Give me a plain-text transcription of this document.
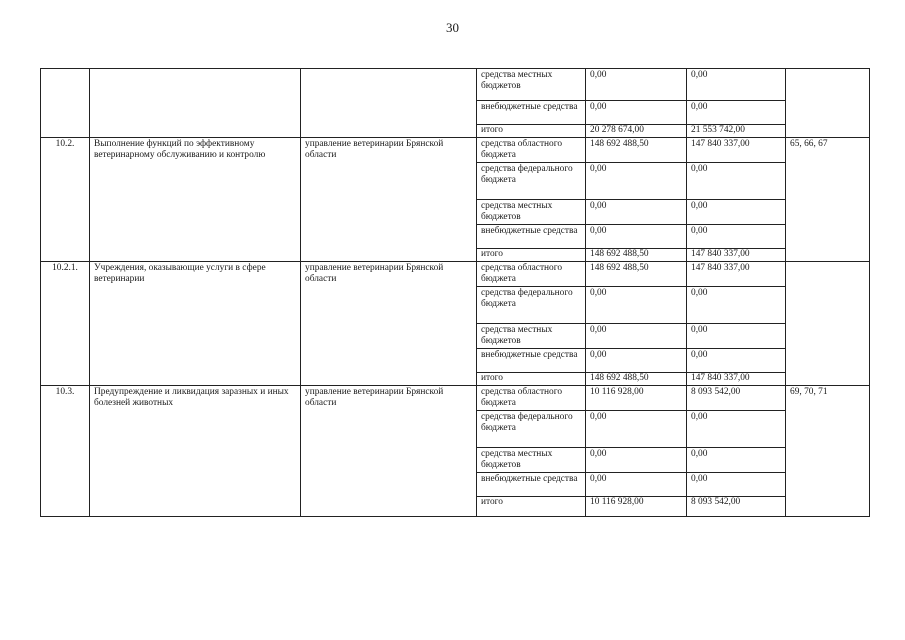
30
			средства местных бюджетов	0,00	0,00	
			внебюджетные средства	0,00	0,00	
			итого	20 278 674,00	21 553 742,00	
10.2.	Выполнение функций по эффективному ветеринарному обслуживанию и контролю	управление ветеринарии Брянской области	средства областного бюджета	148 692 488,50	147 840 337,00	65, 66, 67
			средства федерального бюджета	0,00	0,00	
			средства местных бюджетов	0,00	0,00	
			внебюджетные средства	0,00	0,00	
			итого	148 692 488,50	147 840 337,00	
10.2.1.	Учреждения, оказывающие услуги в сфере ветеринарии	управление ветеринарии Брянской области	средства областного бюджета	148 692 488,50	147 840 337,00	
			средства федерального бюджета	0,00	0,00	
			средства местных бюджетов	0,00	0,00	
			внебюджетные средства	0,00	0,00	
			итого	148 692 488,50	147 840 337,00	
10.3.	Предупреждение и ликвидация заразных и иных болезней животных	управление ветеринарии Брянской области	средства областного бюджета	10 116 928,00	8 093 542,00	69, 70, 71
			средства федерального бюджета	0,00	0,00	
			средства местных бюджетов	0,00	0,00	
			внебюджетные средства	0,00	0,00	
			итого	10 116 928,00	8 093 542,00	
